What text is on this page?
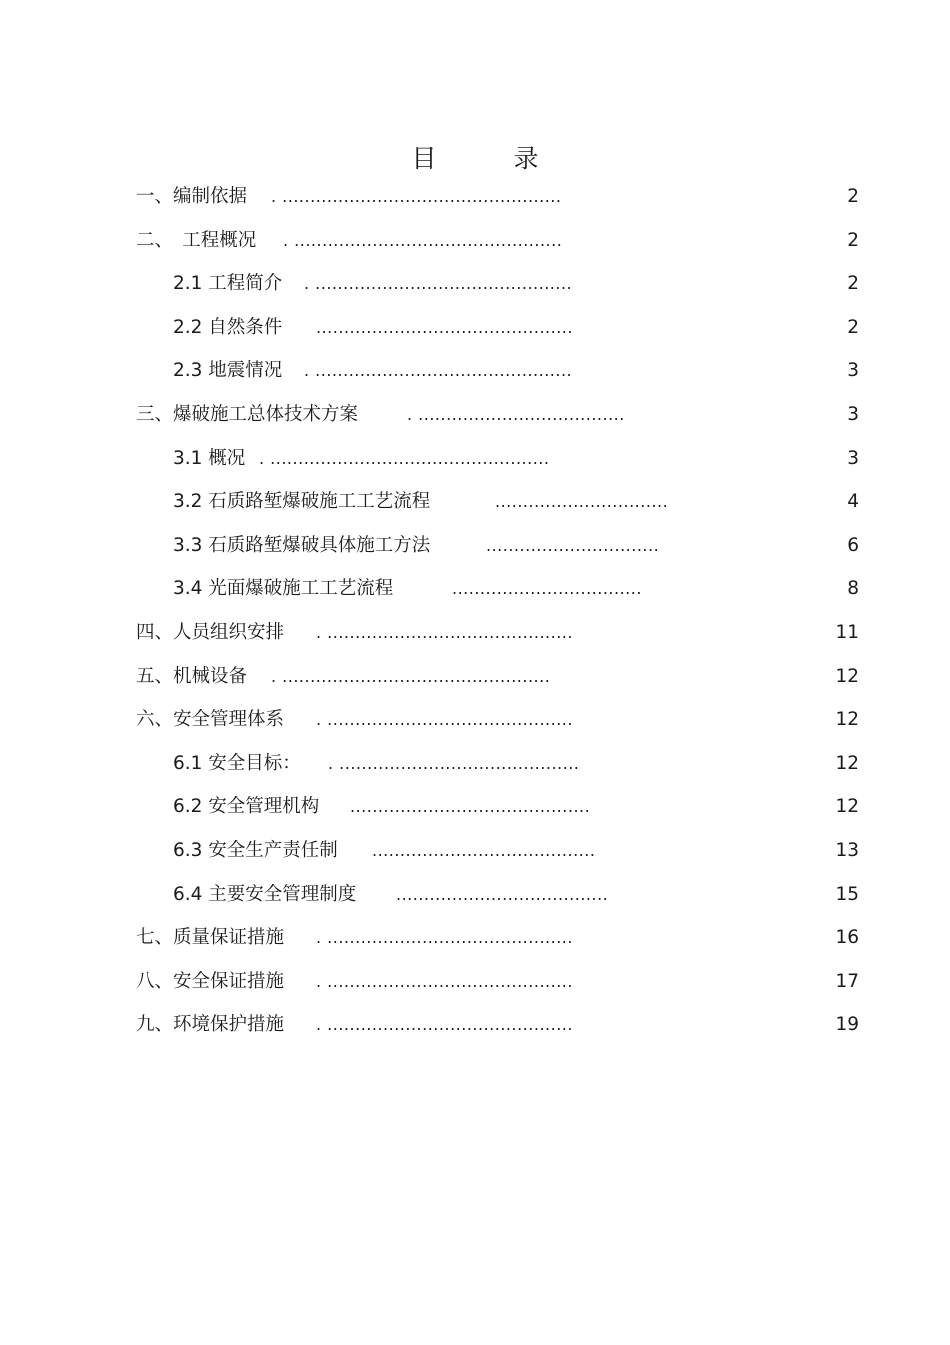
目　录
一、编制依据 . ..................................................	2
二、　工程概况 . ................................................	2
2.1 工程简介 . ..............................................	2
2.2 自然条件 ..............................................	2
2.3 地震情况 . ..............................................	3
三、爆破施工总体技术方案	. .....................................	3
3.1 概况 . ..................................................	3
3.2 石质路堑爆破施工工艺流程	...............................	4
3.3 石质路堑爆破具体施工方法	...............................	6
3.4 光面爆破施工工艺流程	..................................	8
四、人员组织安排 . ............................................	11
五、机械设备 . ................................................	12
六、安全管理体系 . ............................................	12
6.1 安全目标： . ...........................................	12
6.2 安全管理机构 ...........................................	12
6.3 安全生产责任制 ........................................	13
6.4 主要安全管理制度 ......................................	15
七、质量保证措施 . ............................................	16
八、安全保证措施 . ............................................	17
九、环境保护措施 . ............................................	19
